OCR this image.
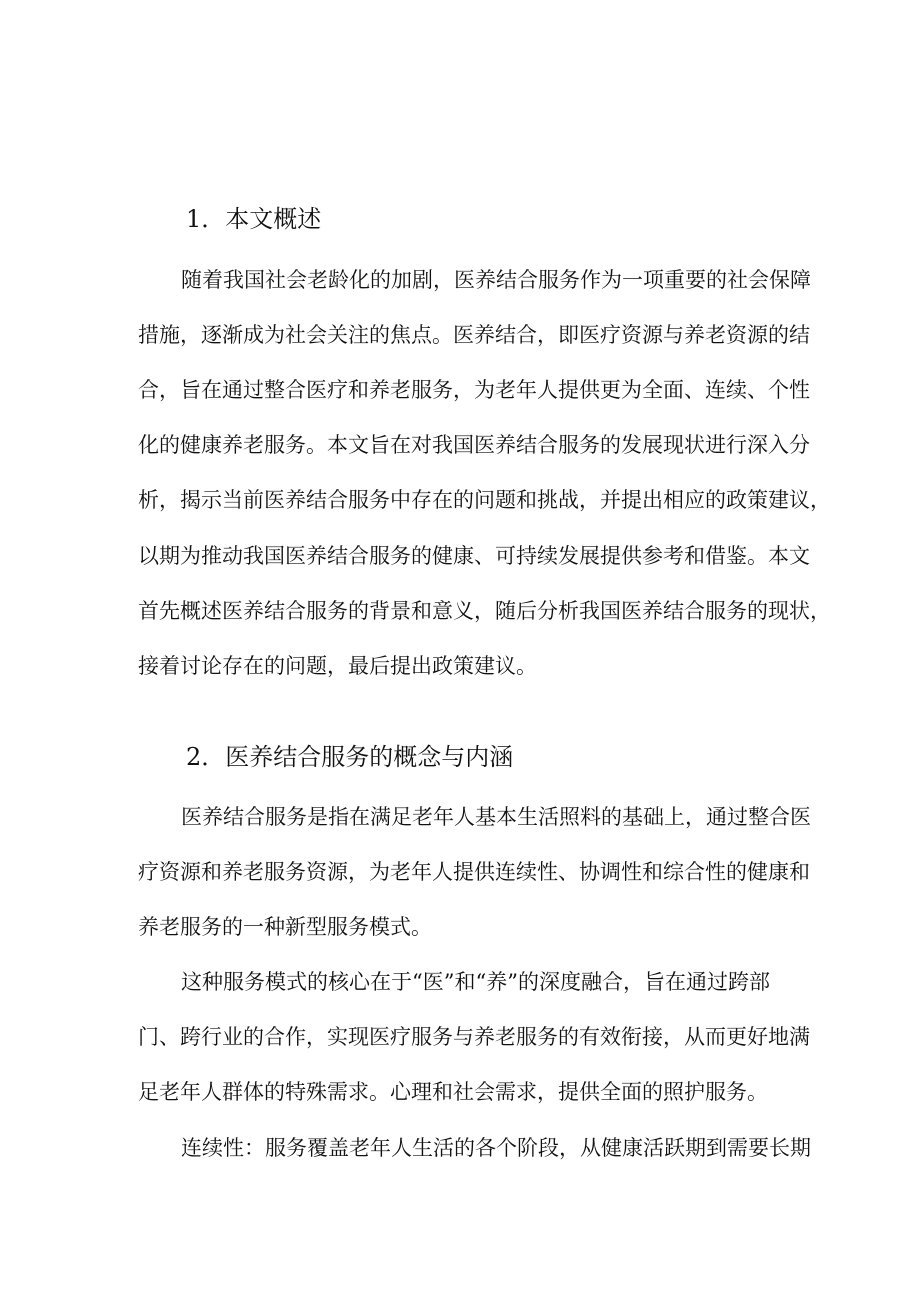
1．本文概述

随着我国社会老龄化的加剧，医养结合服务作为一项重要的社会保障

措施，逐渐成为社会关注的焦点。医养结合，即医疗资源与养老资源的结

合，旨在通过整合医疗和养老服务，为老年人提供更为全面、连续、个性

化的健康养老服务。本文旨在对我国医养结合服务的发展现状进行深入分

析，揭示当前医养结合服务中存在的问题和挑战，并提出相应的政策建议，

以期为推动我国医养结合服务的健康、可持续发展提供参考和借鉴。本文

首先概述医养结合服务的背景和意义，随后分析我国医养结合服务的现状，

接着讨论存在的问题，最后提出政策建议。

2．医养结合服务的概念与内涵

医养结合服务是指在满足老年人基本生活照料的基础上，通过整合医

疗资源和养老服务资源，为老年人提供连续性、协调性和综合性的健康和

养老服务的一种新型服务模式。

这种服务模式的核心在于“医”和“养”的深度融合，旨在通过跨部

门、跨行业的合作，实现医疗服务与养老服务的有效衔接，从而更好地满

足老年人群体的特殊需求。心理和社会需求，提供全面的照护服务。

连续性：服务覆盖老年人生活的各个阶段，从健康活跃期到需要长期
